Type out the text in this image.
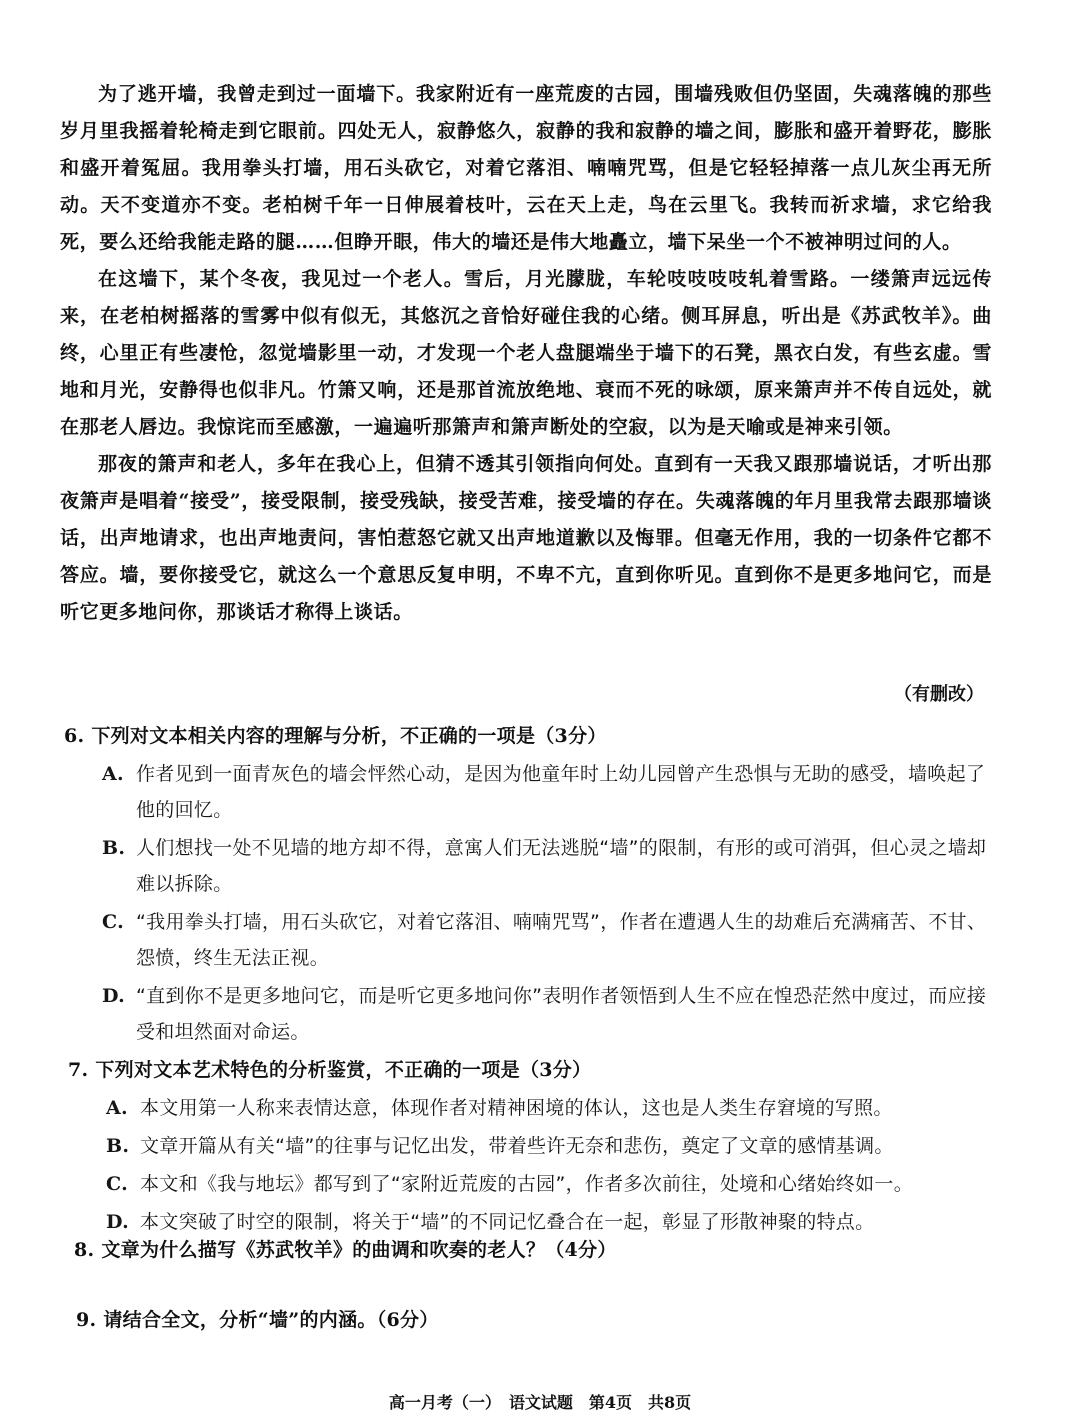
为了逃开墙，我曾走到过一面墙下。我家附近有一座荒废的古园，围墙残败但仍坚固，失魂落魄的那些岁月里我摇着轮椅走到它眼前。四处无人，寂静悠久，寂静的我和寂静的墙之间，膨胀和盛开着野花，膨胀和盛开着冤屈。我用拳头打墙，用石头砍它，对着它落泪、喃喃咒骂，但是它轻轻掉落一点儿灰尘再无所动。天不变道亦不变。老柏树千年一日伸展着枝叶，云在天上走，鸟在云里飞。我转而祈求墙，求它给我死，要么还给我能走路的腿……但睁开眼，伟大的墙还是伟大地矗立，墙下呆坐一个不被神明过问的人。

在这墙下，某个冬夜，我见过一个老人。雪后，月光朦胧，车轮吱吱吱吱轧着雪路。一缕箫声远远传来，在老柏树摇落的雪雾中似有似无，其悠沉之音恰好碰住我的心绪。侧耳屏息，听出是《苏武牧羊》。曲终，心里正有些凄怆，忽觉墙影里一动，才发现一个老人盘腿端坐于墙下的石凳，黑衣白发，有些玄虚。雪地和月光，安静得也似非凡。竹箫又响，还是那首流放绝地、衰而不死的咏颂，原来箫声并不传自远处，就在那老人唇边。我惊诧而至感激，一遍遍听那箫声和箫声断处的空寂，以为是天喻或是神来引领。

那夜的箫声和老人，多年在我心上，但猜不透其引领指向何处。直到有一天我又跟那墙说话，才听出那夜箫声是唱着“接受”，接受限制，接受残缺，接受苦难，接受墙的存在。失魂落魄的年月里我常去跟那墙谈话，出声地请求，也出声地责问，害怕惹怒它就又出声地道歉以及悔罪。但毫无作用，我的一切条件它都不答应。墙，要你接受它，就这么一个意思反复申明，不卑不亢，直到你听见。直到你不是更多地问它，而是听它更多地问你，那谈话才称得上谈话。

（有删改）
6. 下列对文本相关内容的理解与分析，不正确的一项是（3分）
A. 作者见到一面青灰色的墙会怦然心动，是因为他童年时上幼儿园曾产生恐惧与无助的感受，墙唤起了他的回忆。
B. 人们想找一处不见墙的地方却不得，意寓人们无法逃脱“墙”的限制，有形的或可消弭，但心灵之墙却难以拆除。
C. “我用拳头打墙，用石头砍它，对着它落泪、喃喃咒骂”，作者在遭遇人生的劫难后充满痛苦、不甘、怨愤，终生无法正视。
D. “直到你不是更多地问它，而是听它更多地问你”表明作者领悟到人生不应在惶恐茫然中度过，而应接受和坦然面对命运。
7. 下列对文本艺术特色的分析鉴赏，不正确的一项是（3分）
A. 本文用第一人称来表情达意，体现作者对精神困境的体认，这也是人类生存窘境的写照。
B. 文章开篇从有关“墙”的往事与记忆出发，带着些许无奈和悲伤，奠定了文章的感情基调。
C. 本文和《我与地坛》都写到了“家附近荒废的古园”，作者多次前往，处境和心绪始终如一。
D. 本文突破了时空的限制，将关于“墙”的不同记忆叠合在一起，彰显了形散神聚的特点。
8. 文章为什么描写《苏武牧羊》的曲调和吹奏的老人？（4分）
9. 请结合全文，分析“墙”的内涵。（6分）
高一月考（一）　语文试题　第4页　共8页
